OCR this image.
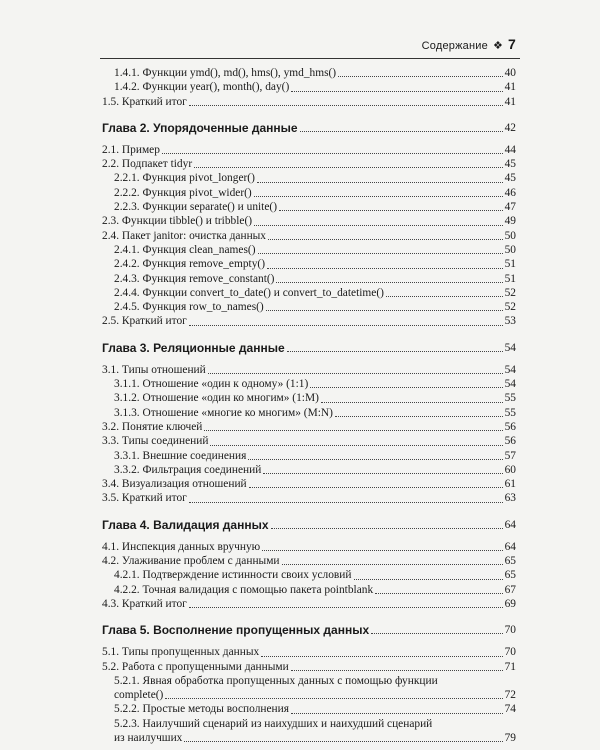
Содержание ❖ 7
1.4.1. Функции ymd(), md(), hms(), ymd_hms()	40
1.4.2. Функции year(), month(), day()	41
1.5. Краткий итог	41
Глава 2. Упорядоченные данные	42
2.1. Пример	44
2.2. Подпакет tidyr	45
2.2.1. Функция pivot_longer()	45
2.2.2. Функция pivot_wider()	46
2.2.3. Функции separate() и unite()	47
2.3. Функции tibble() и tribble()	49
2.4. Пакет janitor: очистка данных	50
2.4.1. Функция clean_names()	50
2.4.2. Функция remove_empty()	51
2.4.3. Функция remove_constant()	51
2.4.4. Функции convert_to_date() и convert_to_datetime()	52
2.4.5. Функция row_to_names()	52
2.5. Краткий итог	53
Глава 3. Реляционные данные	54
3.1. Типы отношений	54
3.1.1. Отношение «один к одному» (1:1)	54
3.1.2. Отношение «один ко многим» (1:M)	55
3.1.3. Отношение «многие ко многим» (M:N)	55
3.2. Понятие ключей	56
3.3. Типы соединений	56
3.3.1. Внешние соединения	57
3.3.2. Фильтрация соединений	60
3.4. Визуализация отношений	61
3.5. Краткий итог	63
Глава 4. Валидация данных	64
4.1. Инспекция данных вручную	64
4.2. Улаживание проблем с данными	65
4.2.1. Подтверждение истинности своих условий	65
4.2.2. Точная валидация с помощью пакета pointblank	67
4.3. Краткий итог	69
Глава 5. Восполнение пропущенных данных	70
5.1. Типы пропущенных данных	70
5.2. Работа с пропущенными данными	71
5.2.1. Явная обработка пропущенных данных с помощью функции
complete()	72
5.2.2. Простые методы восполнения	74
5.2.3. Наилучший сценарий из наихудших и наихудший сценарий
из наилучших	79
